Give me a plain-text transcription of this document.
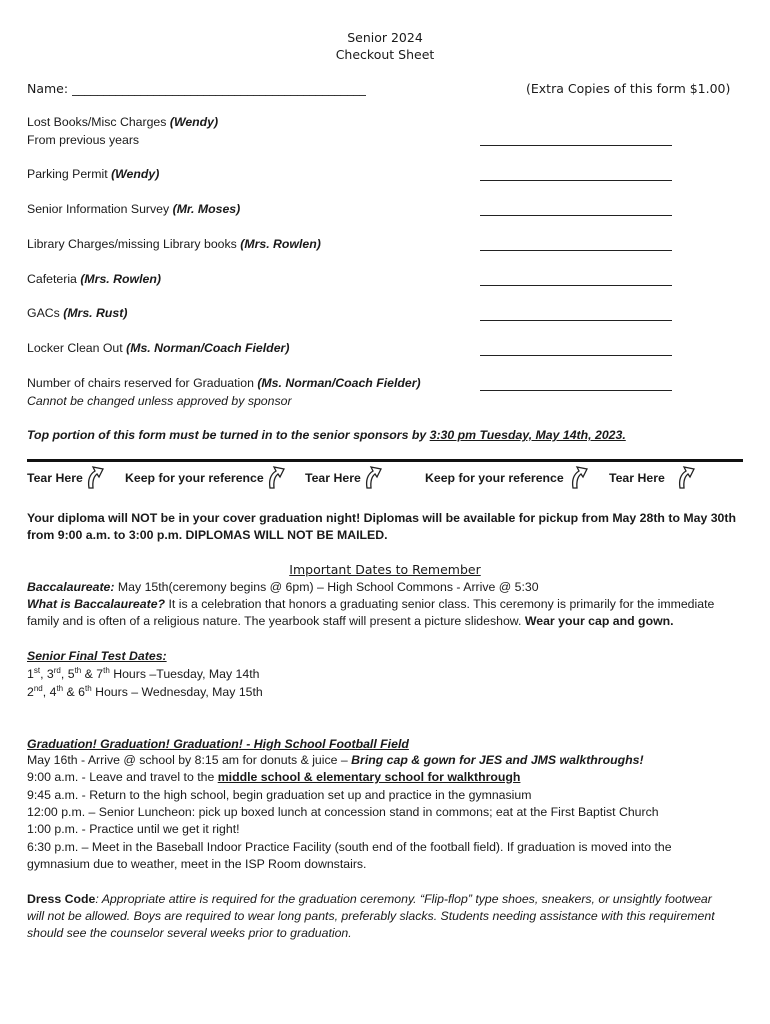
Senior 2024
Checkout Sheet
Name: _______________________________________________	(Extra Copies of this form $1.00)
Lost Books/Misc Charges (Wendy)
From previous years
Parking Permit (Wendy)
Senior Information Survey (Mr. Moses)
Library Charges/missing Library books (Mrs. Rowlen)
Cafeteria (Mrs. Rowlen)
GACs (Mrs. Rust)
Locker Clean Out (Ms. Norman/Coach Fielder)
Number of chairs reserved for Graduation (Ms. Norman/Coach Fielder)
Cannot be changed unless approved by sponsor
Top portion of this form must be turned in to the senior sponsors by 3:30 pm Tuesday, May 14th, 2023.
Tear Here	Keep for your reference	Tear Here	Keep for your reference	Tear Here
Your diploma will NOT be in your cover graduation night! Diplomas will be available for pickup from May 28th to May 30th
from 9:00 a.m. to 3:00 p.m. DIPLOMAS WILL NOT BE MAILED.
Important Dates to Remember
Baccalaureate: May 15th(ceremony begins @ 6pm) – High School Commons - Arrive @ 5:30
What is Baccalaureate? It is a celebration that honors a graduating senior class. This ceremony is primarily for the immediate
family and is often of a religious nature. The yearbook staff will present a picture slideshow. Wear your cap and gown.
Senior Final Test Dates:
1st, 3rd, 5th & 7th Hours –Tuesday, May 14th
2nd, 4th & 6th Hours – Wednesday, May 15th
Graduation! Graduation! Graduation! - High School Football Field
May 16th - Arrive @ school by 8:15 am for donuts & juice – Bring cap & gown for JES and JMS walkthroughs!
9:00 a.m. - Leave and travel to the middle school & elementary school for walkthrough
9:45 a.m. - Return to the high school, begin graduation set up and practice in the gymnasium
12:00 p.m. – Senior Luncheon: pick up boxed lunch at concession stand in commons; eat at the First Baptist Church
1:00 p.m. - Practice until we get it right!
6:30 p.m. – Meet in the Baseball Indoor Practice Facility (south end of the football field). If graduation is moved into the
gymnasium due to weather, meet in the ISP Room downstairs.
Dress Code: Appropriate attire is required for the graduation ceremony. “Flip-flop” type shoes, sneakers, or unsightly footwear
will not be allowed. Boys are required to wear long pants, preferably slacks. Students needing assistance with this requirement
should see the counselor several weeks prior to graduation.
